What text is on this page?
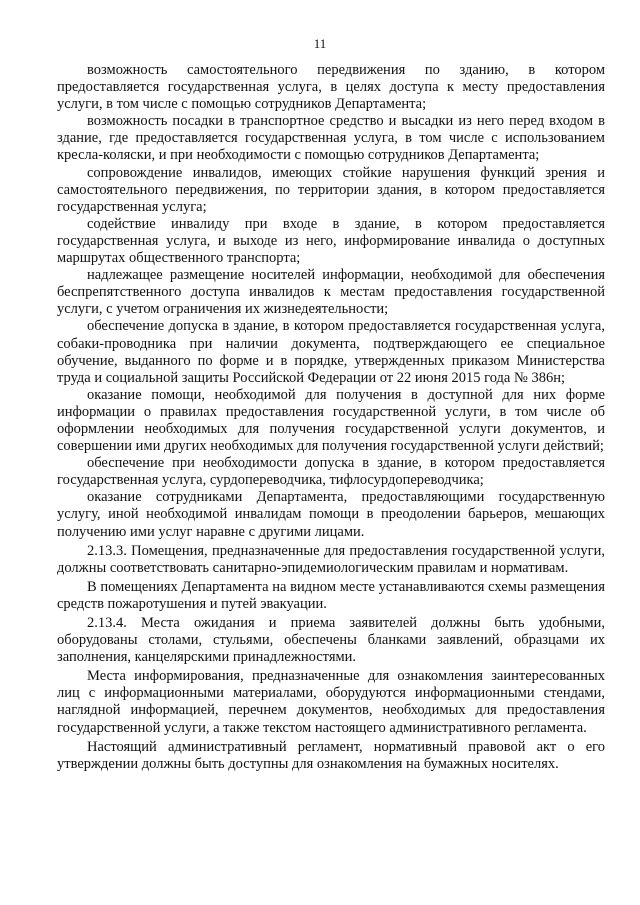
11

возможность самостоятельного передвижения по зданию, в котором предоставляется государственная услуга, в целях доступа к месту предоставления услуги, в том числе с помощью сотрудников Департамента;

возможность посадки в транспортное средство и высадки из него перед входом в здание, где предоставляется государственная услуга, в том числе с использованием кресла-коляски, и при необходимости с помощью сотрудников Департамента;

сопровождение инвалидов, имеющих стойкие нарушения функций зрения и самостоятельного передвижения, по территории здания, в котором предоставляется государственная услуга;

содействие инвалиду при входе в здание, в котором предоставляется государственная услуга, и выходе из него, информирование инвалида о доступных маршрутах общественного транспорта;

надлежащее размещение носителей информации, необходимой для обеспечения беспрепятственного доступа инвалидов к местам предоставления государственной услуги, с учетом ограничения их жизнедеятельности;

обеспечение допуска в здание, в котором предоставляется государственная услуга, собаки-проводника при наличии документа, подтверждающего ее специальное обучение, выданного по форме и в порядке, утвержденных приказом Министерства труда и социальной защиты Российской Федерации от 22 июня 2015 года № 386н;

оказание помощи, необходимой для получения в доступной для них форме информации о правилах предоставления государственной услуги, в том числе об оформлении необходимых для получения государственной услуги документов, и совершении ими других необходимых для получения государственной услуги действий;

обеспечение при необходимости допуска в здание, в котором предоставляется государственная услуга, сурдопереводчика, тифлосурдопереводчика;

оказание сотрудниками Департамента, предоставляющими государственную услугу, иной необходимой инвалидам помощи в преодолении барьеров, мешающих получению ими услуг наравне с другими лицами.

2.13.3. Помещения, предназначенные для предоставления государственной услуги, должны соответствовать санитарно-эпидемиологическим правилам и нормативам.

В помещениях Департамента на видном месте устанавливаются схемы размещения средств пожаротушения и путей эвакуации.

2.13.4. Места ожидания и приема заявителей должны быть удобными, оборудованы столами, стульями, обеспечены бланками заявлений, образцами их заполнения, канцелярскими принадлежностями.

Места информирования, предназначенные для ознакомления заинтересованных лиц с информационными материалами, оборудуются информационными стендами, наглядной информацией, перечнем документов, необходимых для предоставления государственной услуги, а также текстом настоящего административного регламента.

Настоящий административный регламент, нормативный правовой акт о его утверждении должны быть доступны для ознакомления на бумажных носителях.
